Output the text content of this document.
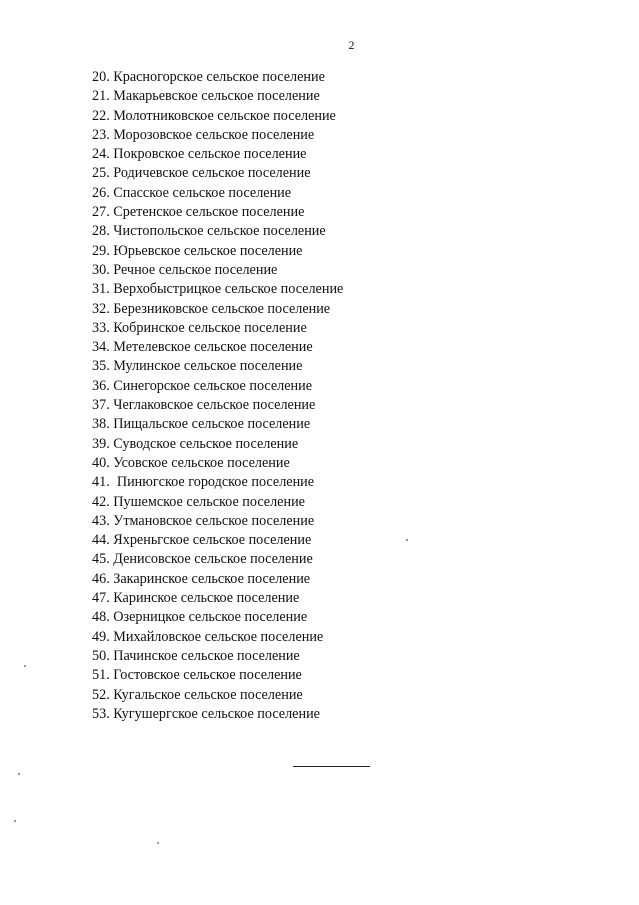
2
20. Красногорское сельское поселение
21. Макарьевское сельское поселение
22. Молотниковское сельское поселение
23. Морозовское сельское поселение
24. Покровское сельское поселение
25. Родичевское сельское поселение
26. Спасское сельское поселение
27. Сретенское сельское поселение
28. Чистопольское сельское поселение
29. Юрьевское сельское поселение
30. Речное сельское поселение
31. Верхобыстрицкое сельское поселение
32. Березниковское сельское поселение
33. Кобринское сельское поселение
34. Метелевское сельское поселение
35. Мулинское сельское поселение
36. Синегорское сельское поселение
37. Чеглаковское сельское поселение
38. Пищальское сельское поселение
39. Суводское сельское поселение
40. Усовское сельское поселение
41.  Пинюгское городское поселение
42. Пушемское сельское поселение
43. Утмановское сельское поселение
44. Яхреньгское сельское поселение
45. Денисовское сельское поселение
46. Закаринское сельское поселение
47. Каринское сельское поселение
48. Озерницкое сельское поселение
49. Михайловское сельское поселение
50. Пачинское сельское поселение
51. Гостовское сельское поселение
52. Кугальское сельское поселение
53. Кугушергское сельское поселение
